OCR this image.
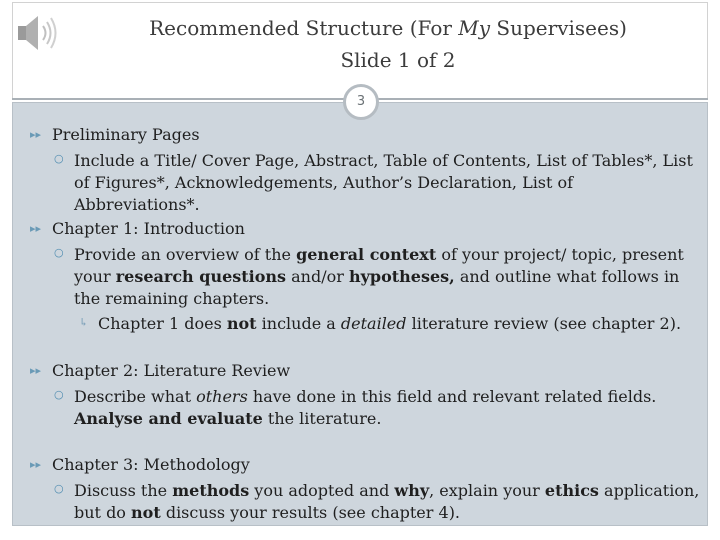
Recommended Structure (For My Supervisees)
Slide 1 of 2
3
▸▸ Preliminary Pages
○ Include a Title/ Cover Page, Abstract, Table of Contents, List of Tables*, List
of Figures*, Acknowledgements, Author’s Declaration, List of Abbreviations*.
▸▸ Chapter 1: Introduction
○ Provide an overview of the general context of your project/ topic, present
your research questions and/or hypotheses, and outline what follows in
the remaining chapters.
↳ Chapter 1 does not include a detailed literature review (see chapter 2).
▸▸ Chapter 2: Literature Review
○ Describe what others have done in this field and relevant related fields.
Analyse and evaluate the literature.
▸▸ Chapter 3: Methodology
○ Discuss the methods you adopted and why, explain your ethics application,
but do not discuss your results (see chapter 4).
